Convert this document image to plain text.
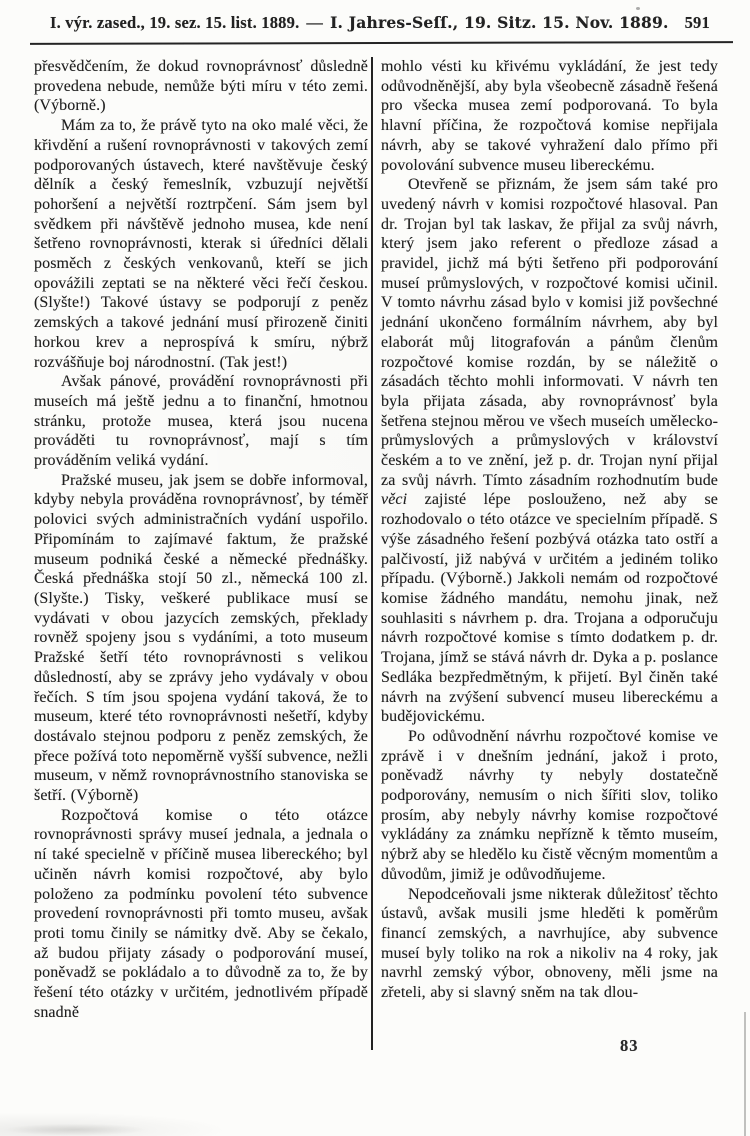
I. výr. zased., 19. sez. 15. list. 1889. — I. Jahres-Seſſ., 19. Sitz. 15. Nov. 1889. 591

přesvědčením, že dokud rovnoprávnosť důsledně provedena nebude, nemůže býti míru v této zemi. (Výborně.)

Mám za to, že právě tyto na oko malé věci, že křivdění a rušení rovnoprávnosti v takových zemí podporovaných ústavech, které navštěvuje český dělník a český řemeslník, vzbuzují největší pohoršení a největší roztrpčení. Sám jsem byl svědkem při návštěvě jednoho musea, kde není šetřeno rovnoprávnosti, kterak si úředníci dělali posměch z českých venkovanů, kteří se jich opovážili zeptati se na některé věci řečí českou. (Slyšte!) Takové ústavy se podporují z peněz zemských a takové jednání musí přirozeně činiti horkou krev a neprospívá k smíru, nýbrž rozvášňuje boj národnostní. (Tak jest!)

Avšak pánové, provádění rovnoprávnosti při museích má ještě jednu a to finanční, hmotnou stránku, protože musea, která jsou nucena prováděti tu rovnoprávnosť, mají s tím prováděním veliká vydání.

Pražské museu, jak jsem se dobře informoval, kdyby nebyla prováděna rovnoprávnosť, by téměř polovici svých administračních vydání uspořilo. Připomínám to zajímavé faktum, že pražské museum podniká české a německé přednášky. Česká přednáška stojí 50 zl., německá 100 zl. (Slyšte.) Tisky, veškeré publikace musí se vydávati v obou jazycích zemských, překlady rovněž spojeny jsou s vydáními, a toto museum Pražské šetří této rovnoprávnosti s velikou důsledností, aby se zprávy jeho vydávaly v obou řečích. S tím jsou spojena vydání taková, že to museum, které této rovnoprávnosti nešetří, kdyby dostávalo stejnou podporu z peněz zemských, že přece požívá toto nepoměrně vyšší subvence, nežli museum, v němž rovnoprávnostního stanoviska se šetří. (Výborně)

Rozpočtová komise o této otázce rovnoprávnosti správy museí jednala, a jednala o ní také specielně v příčině musea libereckého; byl učiněn návrh komisi rozpočtové, aby bylo položeno za podmínku povolení této subvence provedení rovnoprávnosti při tomto museu, avšak proti tomu činily se námitky dvě. Aby se čekalo, až budou přijaty zásady o podporování museí, poněvadž se pokládalo a to důvodně za to, že by řešení této otázky v určitém, jednotlivém případě snadně

mohlo vésti ku křivému vykládání, že jest tedy odůvodněnější, aby byla všeobecně zásadně řešená pro všecka musea zemí podporovaná. To byla hlavní příčina, že rozpočtová komise nepřijala návrh, aby se takové vyhražení dalo přímo při povolování subvence museu libereckému.

Otevřeně se přiznám, že jsem sám také pro uvedený návrh v komisi rozpočtové hlasoval. Pan dr. Trojan byl tak laskav, že přijal za svůj návrh, který jsem jako referent o předloze zásad a pravidel, jichž má býti šetřeno při podporování museí průmyslových, v rozpočtové komisi učinil. V tomto návrhu zásad bylo v komisi již povšechné jednání ukončeno formálním návrhem, aby byl elaborát můj litografován a pánům členům rozpočtové komise rozdán, by se náležitě o zásadách těchto mohli informovati. V návrh ten byla přijata zásada, aby rovnoprávnosť byla šetřena stejnou měrou ve všech museích umělecko-průmyslových a průmyslových v království českém a to ve znění, jež p. dr. Trojan nyní přijal za svůj návrh. Tímto zásadním rozhodnutím bude věci zajisté lépe poslouženo, než aby se rozhodovalo o této otázce ve specielním případě. S výše zásadného řešení pozbývá otázka tato ostří a palčivostí, již nabývá v určitém a jediném toliko případu. (Výborně.) Jakkoli nemám od rozpočtové komise žádného mandátu, nemohu jinak, než souhlasiti s návrhem p. dra. Trojana a odporučuju návrh rozpočtové komise s tímto dodatkem p. dr. Trojana, jímž se stává návrh dr. Dyka a p. poslance Sedláka bezpředmětným, k přijetí. Byl činěn také návrh na zvýšení subvencí museu libereckému a budějovickému.

Po odůvodnění návrhu rozpočtové komise ve zprávě i v dnešním jednání, jakož i proto, poněvadž návrhy ty nebyly dostatečně podporovány, nemusím o nich šířiti slov, toliko prosím, aby nebyly návrhy komise rozpočtové vykládány za známku nepřízně k těmto museím, nýbrž aby se hledělo ku čistě věcným momentům a důvodům, jimiž je odůvodňujeme.

Nepodceňovali jsme nikterak důležitosť těchto ústavů, avšak musili jsme hleděti k poměrům financí zemských, a navrhujíce, aby subvence museí byly toliko na rok a nikoliv na 4 roky, jak navrhl zemský výbor, obnoveny, měli jsme na zřeteli, aby si slavný sněm na tak dlou-

83
